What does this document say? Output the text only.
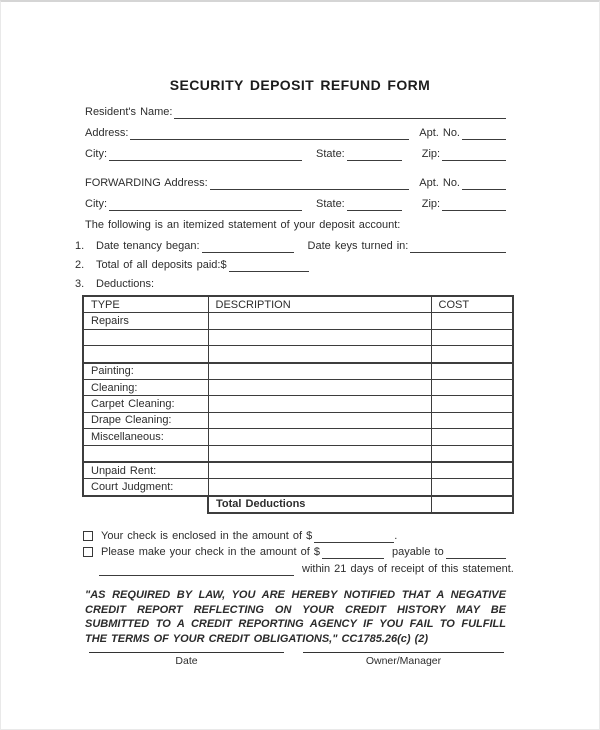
SECURITY DEPOSIT REFUND FORM
Resident's Name:
Address:	Apt. No.
City:	State:	Zip:
FORWARDING Address:	Apt. No.
City:	State:	Zip:
The following is an itemized statement of your deposit account:
1.	Date tenancy began:	Date keys turned in:
2.	Total of all deposits paid:$
3.	Deductions:
TYPE	DESCRIPTION	COST
Repairs		

Painting:		
Cleaning:		
Carpet Cleaning:		
Drape Cleaning:		
Miscellaneous:		

Unpaid Rent:		
Court Judgment:		
	Total Deductions	
Your check is enclosed in the amount of $	.
Please make your check in the amount of $	payable to
within 21 days of receipt of this statement.

"AS REQUIRED BY LAW, YOU ARE HEREBY NOTIFIED THAT A NEGATIVE CREDIT REPORT REFLECTING ON YOUR CREDIT HISTORY MAY BE SUBMITTED TO A CREDIT REPORTING AGENCY IF YOU FAIL TO FULFILL THE TERMS OF YOUR CREDIT OBLIGATIONS," CC1785.26(c) (2)

Date	Owner/Manager
